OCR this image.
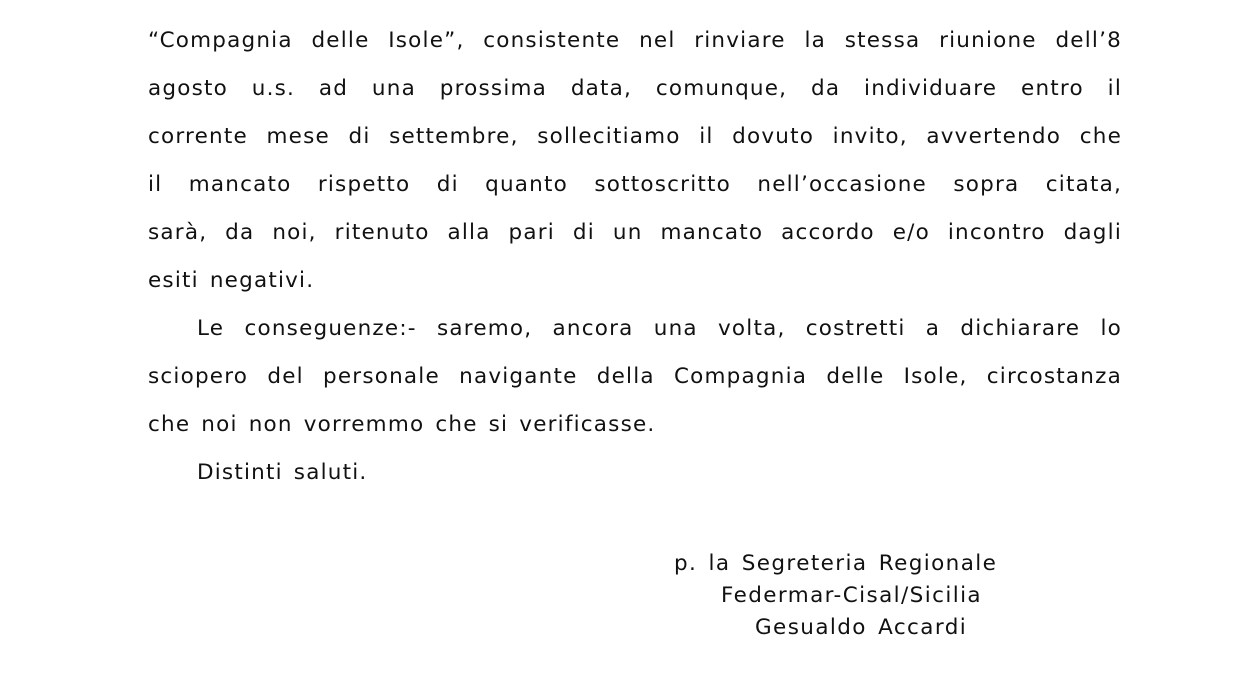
“Compagnia delle Isole”, consistente nel rinviare la stessa riunione dell’8
agosto u.s. ad una prossima data, comunque, da individuare entro il
corrente mese di settembre, sollecitiamo il dovuto invito, avvertendo che
il mancato rispetto di quanto sottoscritto nell’occasione sopra citata,
sarà, da noi, ritenuto alla pari di un mancato accordo e/o incontro dagli
esiti negativi.
Le conseguenze:- saremo, ancora una volta, costretti a dichiarare lo
sciopero del personale navigante della Compagnia delle Isole, circostanza
che noi non vorremmo che si verificasse.
Distinti saluti.
p. la Segreteria Regionale
Federmar-Cisal/Sicilia
Gesualdo Accardi
